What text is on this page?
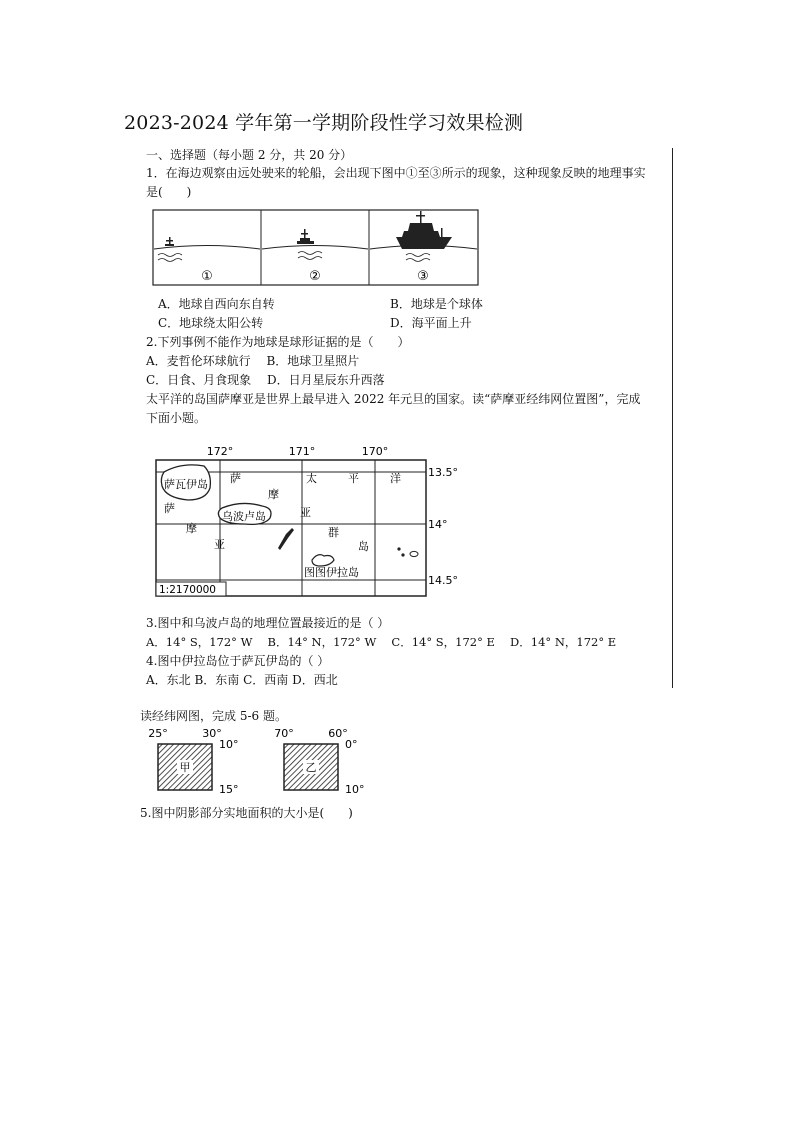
2023-2024 学年第一学期阶段性学习效果检测
一、选择题（每小题 2 分，共 20 分）
1．在海边观察由远处驶来的轮船，会出现下图中①至③所示的现象，这种现象反映的地理事实
是(　　)
①	②	③
A．地球自西向东自转	B．地球是个球体
C．地球绕太阳公转	D．海平面上升
2.下列事例不能作为地球是球形证据的是（　　）
A．麦哲伦环球航行　 B．地球卫星照片
C．日食、月食现象　 D．日月星辰东升西落
太平洋的岛国萨摩亚是世界上最早进入 2022 年元旦的国家。读“萨摩亚经纬网位置图”，完成
下面小题。
172°	171°	170°
13.5°
14°
14.5°
萨瓦伊岛
乌波卢岛
图图伊拉岛
萨
摩
亚
萨
摩
亚
太	平	洋
群
岛
1:2170000
3.图中和乌波卢岛的地理位置最接近的是（ ）
A．14° S，172° W　 B．14° N，172° W　 C．14° S，172° E　 D．14° N，172° E
4.图中伊拉岛位于萨瓦伊岛的（ ）
A．东北 B．东南 C．西南 D．西北
读经纬网图，完成 5-6 题。
25°	30°
10°
15°
甲
70°	60°
0°
10°
乙
5.图中阴影部分实地面积的大小是(　　)
